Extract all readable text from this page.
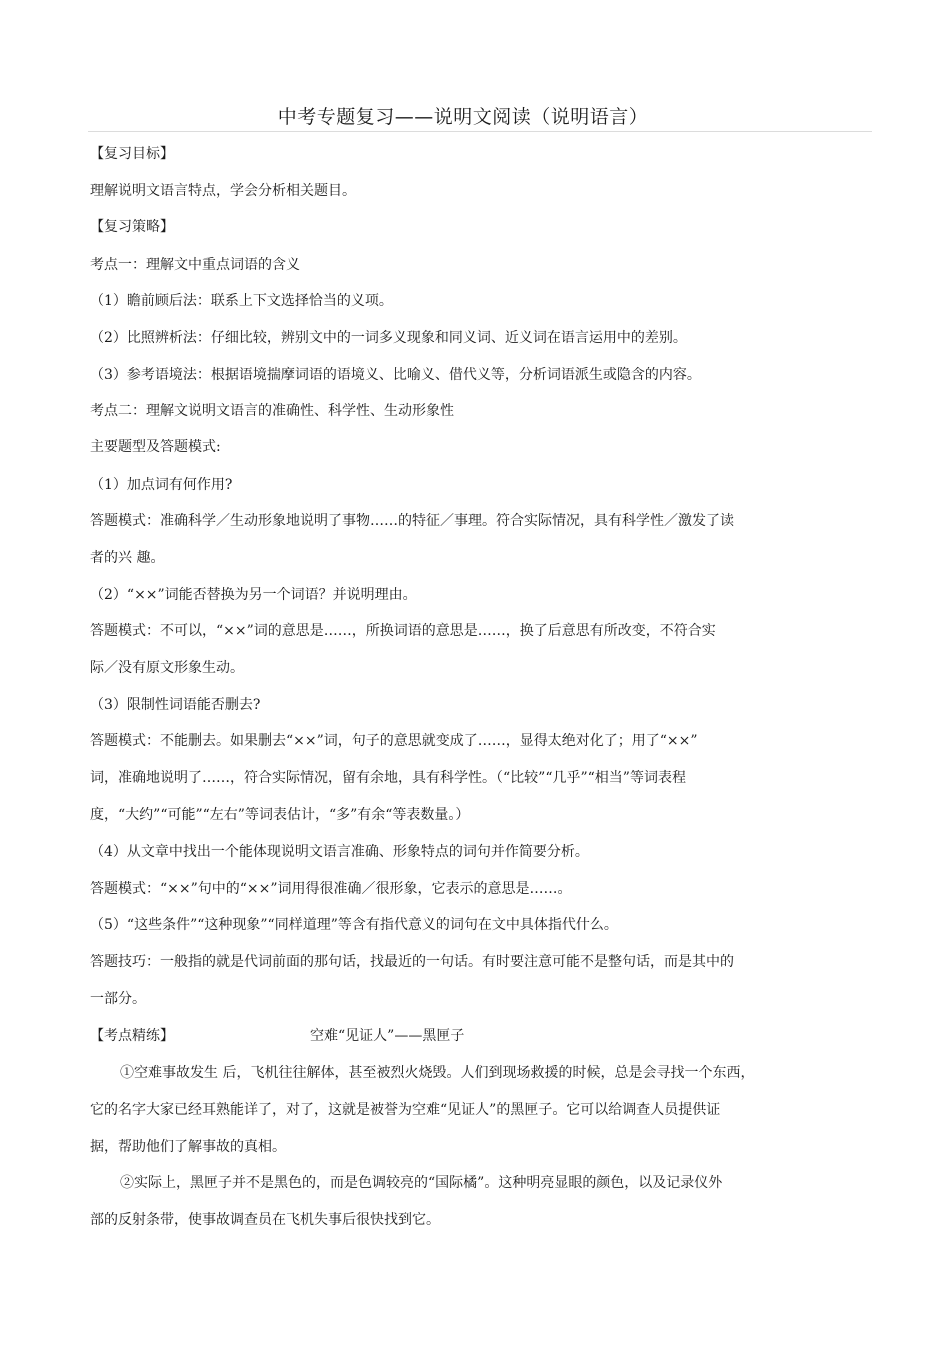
中考专题复习——说明文阅读（说明语言）
【复习目标】
理解说明文语言特点，学会分析相关题目。
【复习策略】
考点一：理解文中重点词语的含义
（1）瞻前顾后法：联系上下文选择恰当的义项。
（2）比照辨析法：仔细比较，辨别文中的一词多义现象和同义词、近义词在语言运用中的差别。
（3）参考语境法：根据语境揣摩词语的语境义、比喻义、借代义等，分析词语派生或隐含的内容。
考点二：理解文说明文语言的准确性、科学性、生动形象性
主要题型及答题模式:
（1）加点词有何作用?
答题模式：准确科学／生动形象地说明了事物……的特征／事理。符合实际情况，具有科学性／激发了读
者的兴 趣。
（2）“××”词能否替换为另一个词语？并说明理由。
答题模式：不可以，“××”词的意思是……，所换词语的意思是……，换了后意思有所改变，不符合实
际／没有原文形象生动。
（3）限制性词语能否删去?
答题模式：不能删去。如果删去“××”词，句子的意思就变成了……，显得太绝对化了；用了“××”
词，准确地说明了……，符合实际情况，留有余地，具有科学性。（“比较”“几乎”“相当”等词表程
度，“大约”“可能”“左右”等词表估计，“多”有余“等表数量。）
（4）从文章中找出一个能体现说明文语言准确、形象特点的词句并作简要分析。
答题模式：“××”句中的“××”词用得很准确／很形象，它表示的意思是……。
（5）“这些条件”“这种现象”“同样道理”等含有指代意义的词句在文中具体指代什么。
答题技巧：一般指的就是代词前面的那句话，找最近的一句话。有时要注意可能不是整句话，而是其中的
一部分。
【考点精练】	空难“见证人”——黑匣子
①空难事故发生 后，飞机往往解体，甚至被烈火烧毁。人们到现场救援的时候，总是会寻找一个东西，
它的名字大家已经耳熟能详了，对了，这就是被誉为空难“见证人”的黑匣子。它可以给调查人员提供证
据，帮助他们了解事故的真相。
②实际上，黑匣子并不是黑色的，而是色调较亮的“国际橘”。这种明亮显眼的颜色，以及记录仪外
部的反射条带，使事故调查员在飞机失事后很快找到它。
